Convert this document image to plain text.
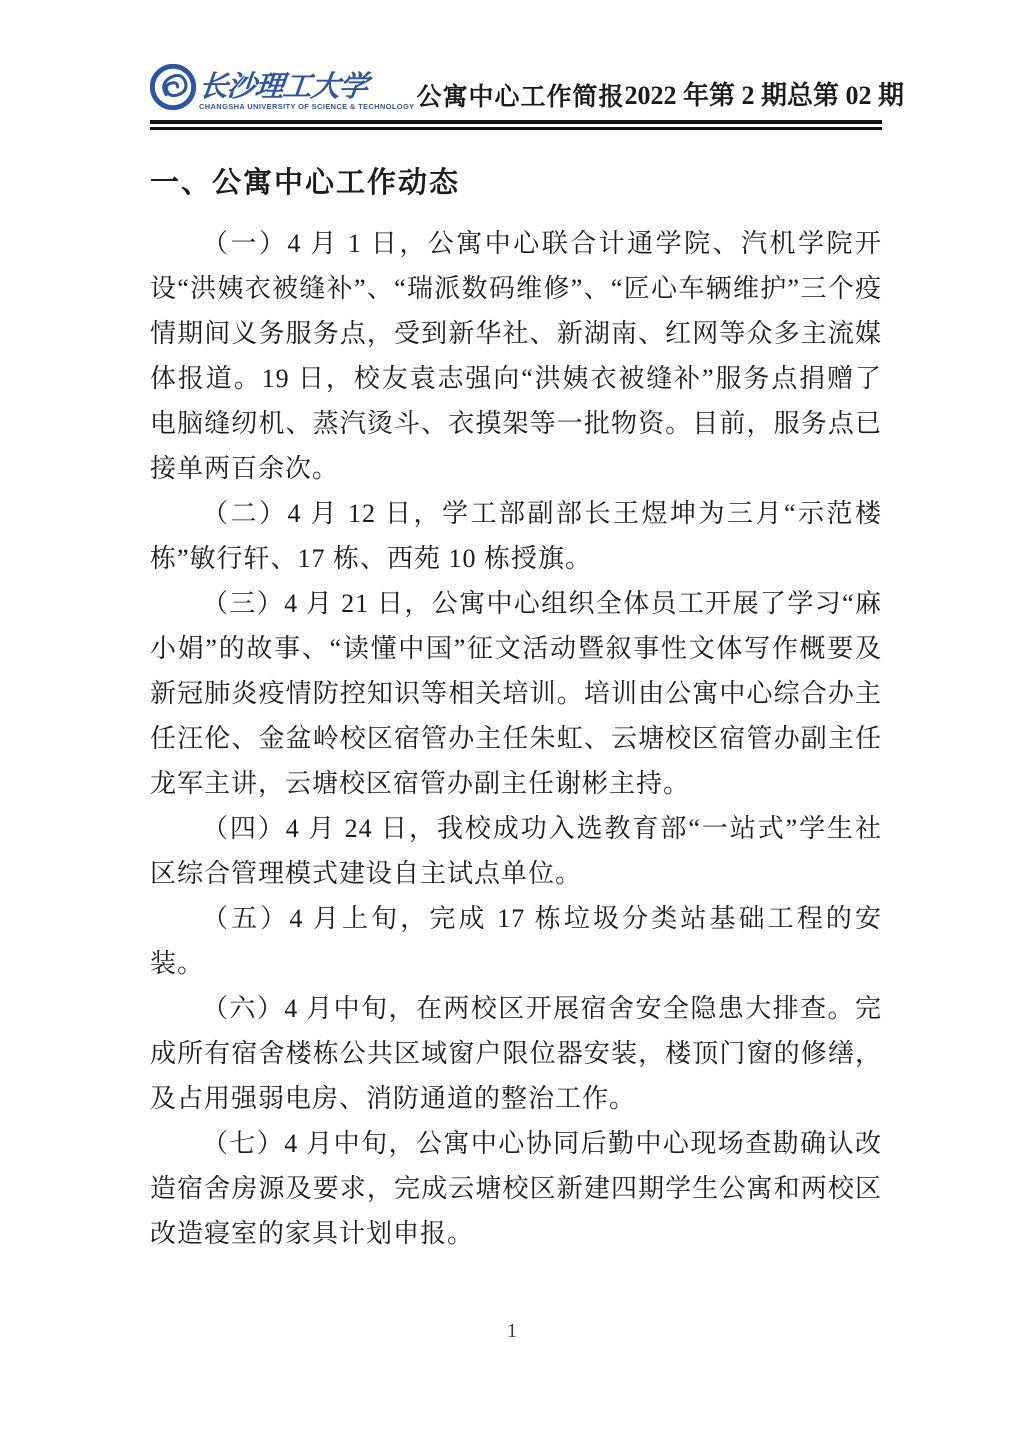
长沙理工大学
CHANGSHA UNIVERSITY OF SCIENCE & TECHNOLOGY 公寓中心工作简报 2022 年第 2 期总第 02 期
一、公寓中心工作动态

（一）4 月 1 日，公寓中心联合计通学院、汽机学院开设“洪姨衣被缝补”、“瑞派数码维修”、“匠心车辆维护”三个疫情期间义务服务点，受到新华社、新湖南、红网等众多主流媒体报道。19 日，校友袁志强向“洪姨衣被缝补”服务点捐赠了电脑缝纫机、蒸汽烫斗、衣摸架等一批物资。目前，服务点已接单两百余次。

（二）4 月 12 日，学工部副部长王煜坤为三月“示范楼栋”敏行轩、17 栋、西苑 10 栋授旗。

（三）4 月 21 日，公寓中心组织全体员工开展了学习“麻小娟”的故事、“读懂中国”征文活动暨叙事性文体写作概要及新冠肺炎疫情防控知识等相关培训。培训由公寓中心综合办主任汪伦、金盆岭校区宿管办主任朱虹、云塘校区宿管办副主任龙军主讲，云塘校区宿管办副主任谢彬主持。

（四）4 月 24 日，我校成功入选教育部“一站式”学生社区综合管理模式建设自主试点单位。

（五）4 月上旬，完成 17 栋垃圾分类站基础工程的安装。

（六）4 月中旬，在两校区开展宿舍安全隐患大排查。完成所有宿舍楼栋公共区域窗户限位器安装，楼顶门窗的修缮，及占用强弱电房、消防通道的整治工作。

（七）4 月中旬，公寓中心协同后勤中心现场查勘确认改造宿舍房源及要求，完成云塘校区新建四期学生公寓和两校区改造寝室的家具计划申报。

1
